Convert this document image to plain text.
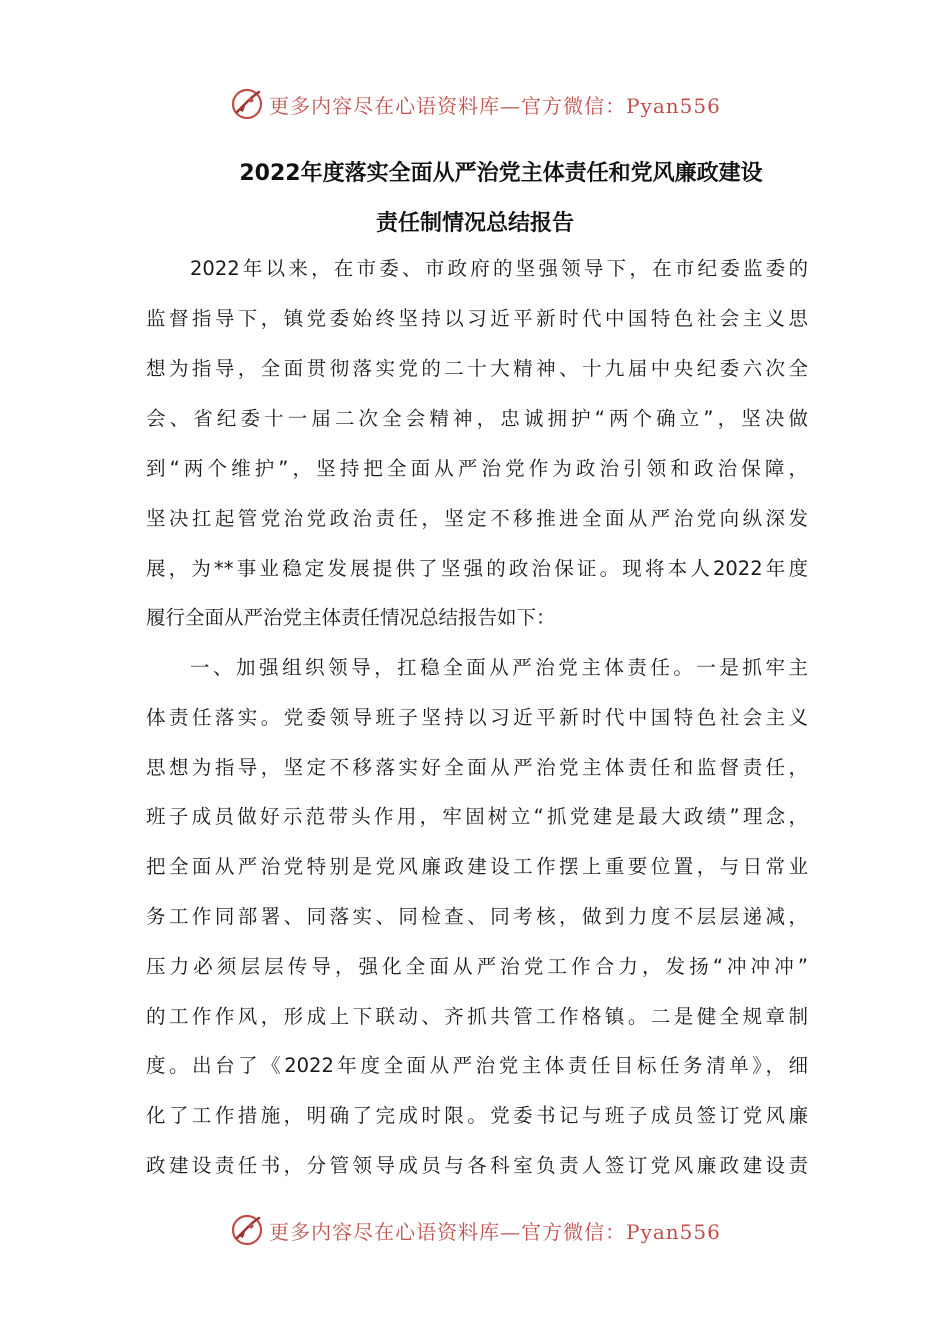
更多内容尽在心语资料库—官方微信：Pyan556
2022年度落实全面从严治党主体责任和党风廉政建设
责任制情况总结报告
2022年以来，在市委、市政府的坚强领导下，在市纪委监委的
监督指导下，镇党委始终坚持以习近平新时代中国特色社会主义思
想为指导，全面贯彻落实党的二十大精神、十九届中央纪委六次全
会、省纪委十一届二次全会精神，忠诚拥护“两个确立”，坚决做
到“两个维护”，坚持把全面从严治党作为政治引领和政治保障，
坚决扛起管党治党政治责任，坚定不移推进全面从严治党向纵深发
展，为**事业稳定发展提供了坚强的政治保证。现将本人2022年度
履行全面从严治党主体责任情况总结报告如下：
一、加强组织领导，扛稳全面从严治党主体责任。一是抓牢主
体责任落实。党委领导班子坚持以习近平新时代中国特色社会主义
思想为指导，坚定不移落实好全面从严治党主体责任和监督责任，
班子成员做好示范带头作用，牢固树立“抓党建是最大政绩”理念，
把全面从严治党特别是党风廉政建设工作摆上重要位置，与日常业
务工作同部署、同落实、同检查、同考核，做到力度不层层递减，
压力必须层层传导，强化全面从严治党工作合力，发扬“冲冲冲”
的工作作风，形成上下联动、齐抓共管工作格镇。二是健全规章制
度。出台了《2022年度全面从严治党主体责任目标任务清单》，细
化了工作措施，明确了完成时限。党委书记与班子成员签订党风廉
政建设责任书，分管领导成员与各科室负责人签订党风廉政建设责
更多内容尽在心语资料库—官方微信：Pyan556
